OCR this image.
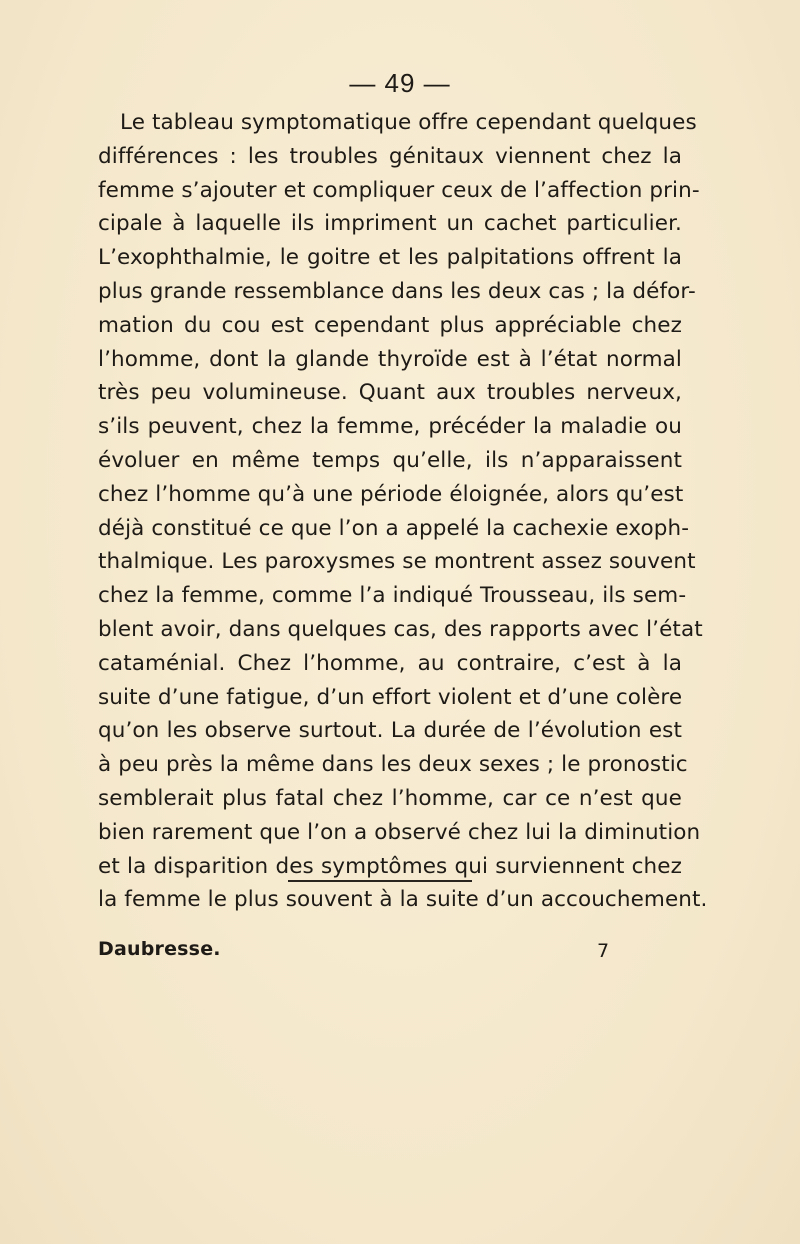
— 49 —
Le tableau symptomatique offre cependant quelques
différences : les troubles génitaux viennent chez la
femme s’ajouter et compliquer ceux de l’affection prin-
cipale à laquelle ils impriment un cachet particulier.
L’exophthalmie, le goitre et les palpitations offrent la
plus grande ressemblance dans les deux cas ; la défor-
mation du cou est cependant plus appréciable chez
l’homme, dont la glande thyroïde est à l’état normal
très peu volumineuse. Quant aux troubles nerveux,
s’ils peuvent, chez la femme, précéder la maladie ou
évoluer en même temps qu’elle, ils n’apparaissent
chez l’homme qu’à une période éloignée, alors qu’est
déjà constitué ce que l’on a appelé la cachexie exoph-
thalmique. Les paroxysmes se montrent assez souvent
chez la femme, comme l’a indiqué Trousseau, ils sem-
blent avoir, dans quelques cas, des rapports avec l’état
cataménial. Chez l’homme, au contraire, c’est à la
suite d’une fatigue, d’un effort violent et d’une colère
qu’on les observe surtout. La durée de l’évolution est
à peu près la même dans les deux sexes ; le pronostic
semblerait plus fatal chez l’homme, car ce n’est que
bien rarement que l’on a observé chez lui la diminution
et la disparition des symptômes qui surviennent chez
la femme le plus souvent à la suite d’un accouchement.
Daubresse.	7
